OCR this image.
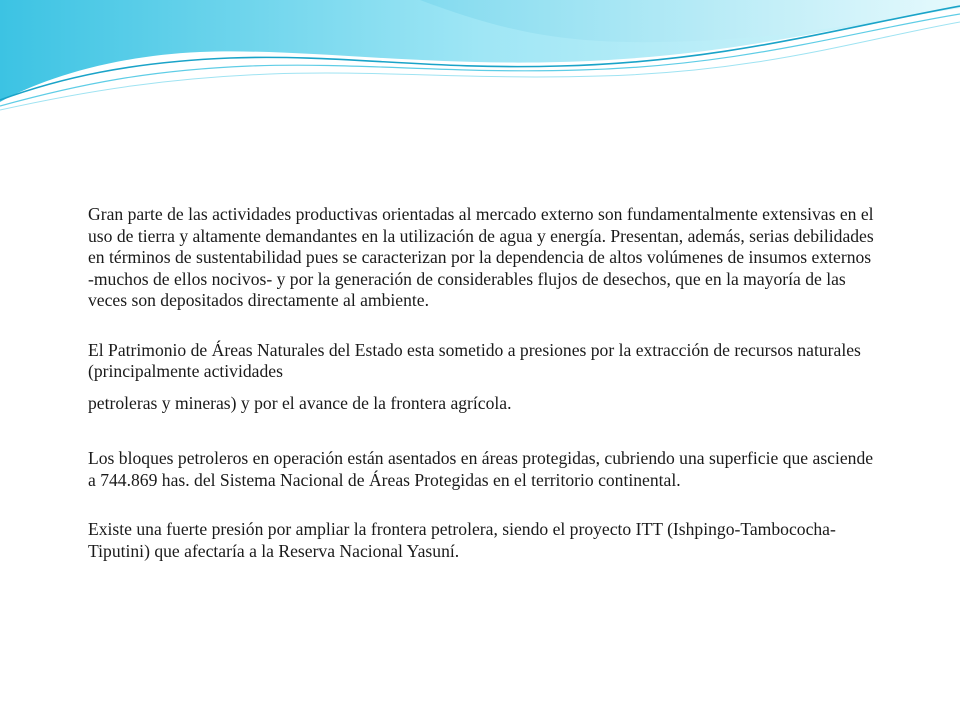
Gran parte de las actividades productivas orientadas al mercado externo son fundamentalmente extensivas en el uso de tierra y altamente demandantes en la utilización de agua y energía. Presentan, además, serias debilidades en términos de sustentabilidad pues se caracterizan por la dependencia de altos volúmenes de insumos externos -muchos de ellos nocivos- y por la generación de considerables flujos de desechos, que en la mayoría de las veces son depositados directamente al ambiente.

El Patrimonio de Áreas Naturales del Estado esta sometido a presiones por la extracción de recursos naturales (principalmente actividades

petroleras y mineras) y por el avance de la frontera agrícola.

Los bloques petroleros en operación están asentados en áreas protegidas, cubriendo una superficie que asciende a 744.869 has. del Sistema Nacional de Áreas Protegidas en el territorio continental.

Existe una fuerte presión por ampliar la frontera petrolera, siendo el proyecto ITT (Ishpingo-Tambococha-Tiputini) que afectaría a la Reserva Nacional Yasuní.
